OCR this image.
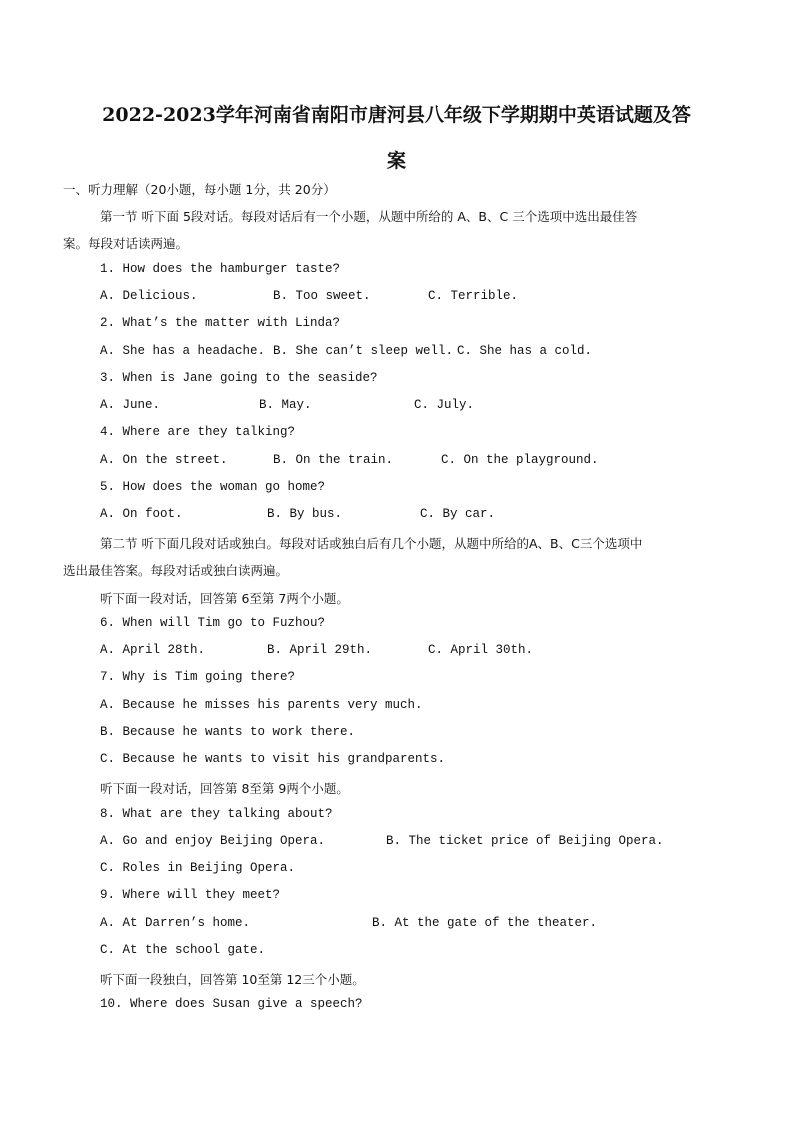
2022-2023学年河南省南阳市唐河县八年级下学期期中英语试题及答
案
一、听力理解（20小题，每小题 1分，共 20分）
第一节 听下面 5段对话。每段对话后有一个小题，从题中所给的 A、B、C 三个选项中选出最佳答
案。每段对话读两遍。
1. How does the hamburger taste?
A. Delicious.	B. Too sweet.	C. Terrible.
2. What’s the matter with Linda?
A. She has a headache. B. She can’t sleep well. C. She has a cold.
3. When is Jane going to the seaside?
A. June.	B. May.	C. July.
4. Where are they talking?
A. On the street.	B. On the train.	C. On the playground.
5. How does the woman go home?
A. On foot.	B. By bus.	C. By car.
第二节 听下面几段对话或独白。每段对话或独白后有几个小题，从题中所给的A、B、C三个选项中
选出最佳答案。每段对话或独白读两遍。
听下面一段对话，回答第 6至第 7两个小题。
6. When will Tim go to Fuzhou?
A. April 28th.	B. April 29th.	C. April 30th.
7. Why is Tim going there?
A. Because he misses his parents very much.
B. Because he wants to work there.
C. Because he wants to visit his grandparents.
听下面一段对话，回答第 8至第 9两个小题。
8. What are they talking about?
A. Go and enjoy Beijing Opera.	B. The ticket price of Beijing Opera.
C. Roles in Beijing Opera.
9. Where will they meet?
A. At Darren’s home.	B. At the gate of the theater.
C. At the school gate.
听下面一段独白，回答第 10至第 12三个小题。
10. Where does Susan give a speech?
